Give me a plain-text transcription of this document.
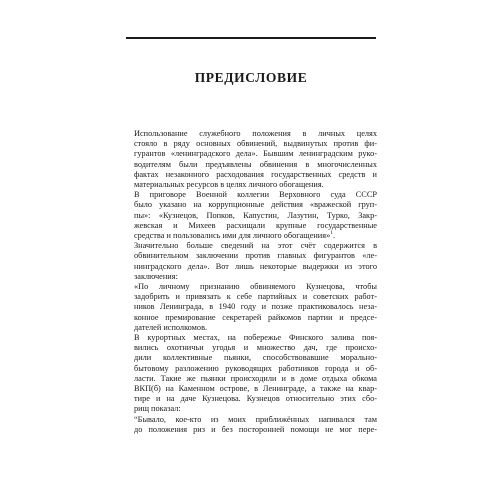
ПРЕДИСЛОВИЕ

Использование служебного положения в личных целях
стояло в ряду основных обвинений, выдвинутых против фи-
гурантов «ленинградского дела». Бывшим ленинградским руко-
водителям были предъявлены обвинения в многочисленных
фактах незаконного расходования государственных средств и
материальных ресурсов в целях личного обогащения.

В приговоре Военной коллегии Верховного суда СССР
было указано на коррупционные действия «вражеской груп-
пы»: «Кузнецов, Попков, Капустин, Лазутин, Турко, Закр-
жевская и Михеев расхищали крупные государственные
средства и пользовались ими для личного обогащения»$^1$.

Значительно больше сведений на этот счёт содержится в
обвинительном заключении против главных фигурантов «ле-
нинградского дела». Вот лишь некоторые выдержки из этого
заключения:

«По личному признанию обвиняемого Кузнецова, чтобы
задобрить и привязать к себе партийных и советских работ-
ников Ленинграда, в 1940 году и позже практиковалось неза-
конное премирование секретарей райкомов партии и предсе-
дателей исполкомов.

В курортных местах, на побережье Финского залива поя-
вились охотничьи угодья и множество дач, где происхо-
дили коллективные пьянки, способствовавшие морально-
бытовому разложению руководящих работников города и об-
ласти. Такие же пьянки происходили и в доме отдыха обкома
ВКП(б) на Каменном острове, в Ленинграде, а также на квар-
тире и на даче Кузнецова. Кузнецов относительно этих сбо-
рищ показал:

“Бывало, кое-кто из моих приближённых напивался там
до положения риз и без посторонней помощи не мог пере-
